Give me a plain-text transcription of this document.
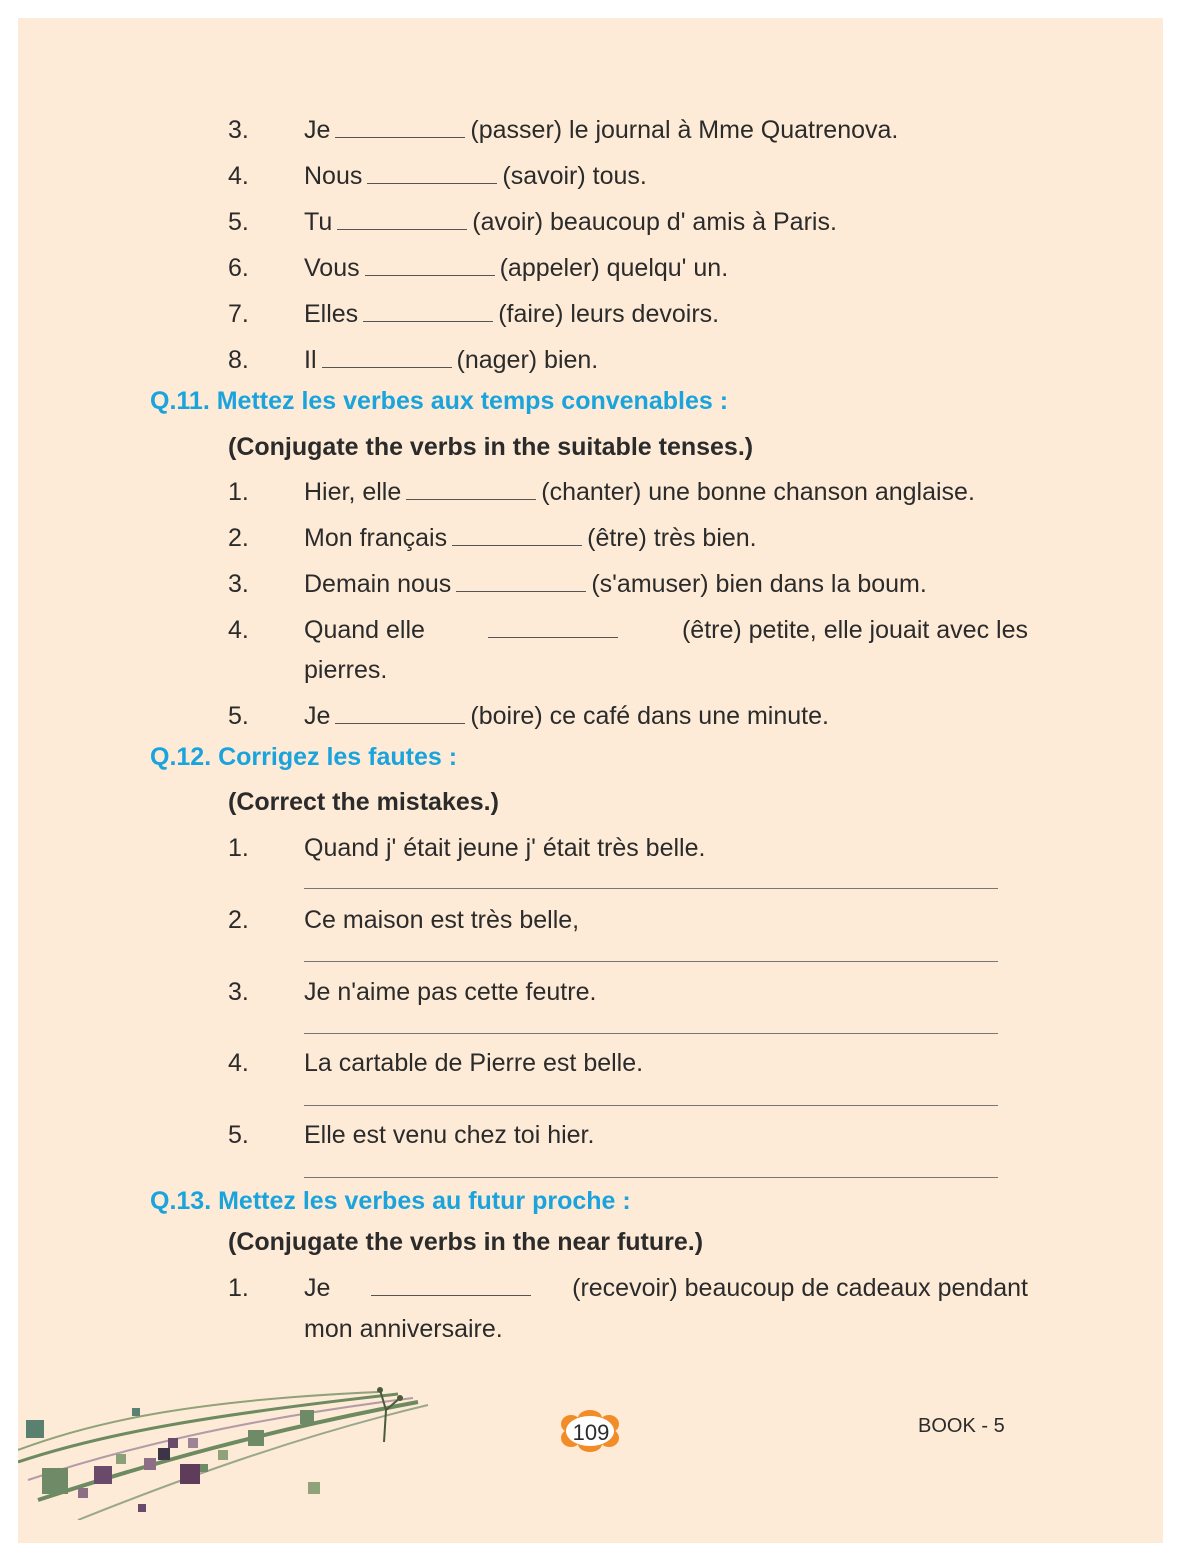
3. Je	(passer) le journal à Mme Quatrenova.
4. Nous	(savoir) tous.
5. Tu	(avoir) beaucoup d' amis à Paris.
6. Vous	(appeler) quelqu' un.
7. Elles	(faire) leurs devoirs.
8. Il	(nager) bien.
Q.11. Mettez les verbes aux temps convenables :
(Conjugate the verbs in the suitable tenses.)
1. Hier, elle	(chanter) une bonne chanson anglaise.
2. Mon français	(être) très bien.
3. Demain nous	(s'amuser) bien dans la boum.
4. Quand elle	(être) petite, elle jouait avec les
pierres.
5. Je	(boire) ce café dans une minute.
Q.12. Corrigez les fautes :
(Correct the mistakes.)
1. Quand j' était jeune j' était très belle.
2. Ce maison est très belle,
3. Je n'aime pas cette feutre.
4. La cartable de Pierre est belle.
5. Elle est venu chez toi hier.
Q.13. Mettez les verbes au futur proche :
(Conjugate the verbs in the near future.)
1. Je	(recevoir) beaucoup de cadeaux pendant
mon anniversaire.
109	BOOK - 5
